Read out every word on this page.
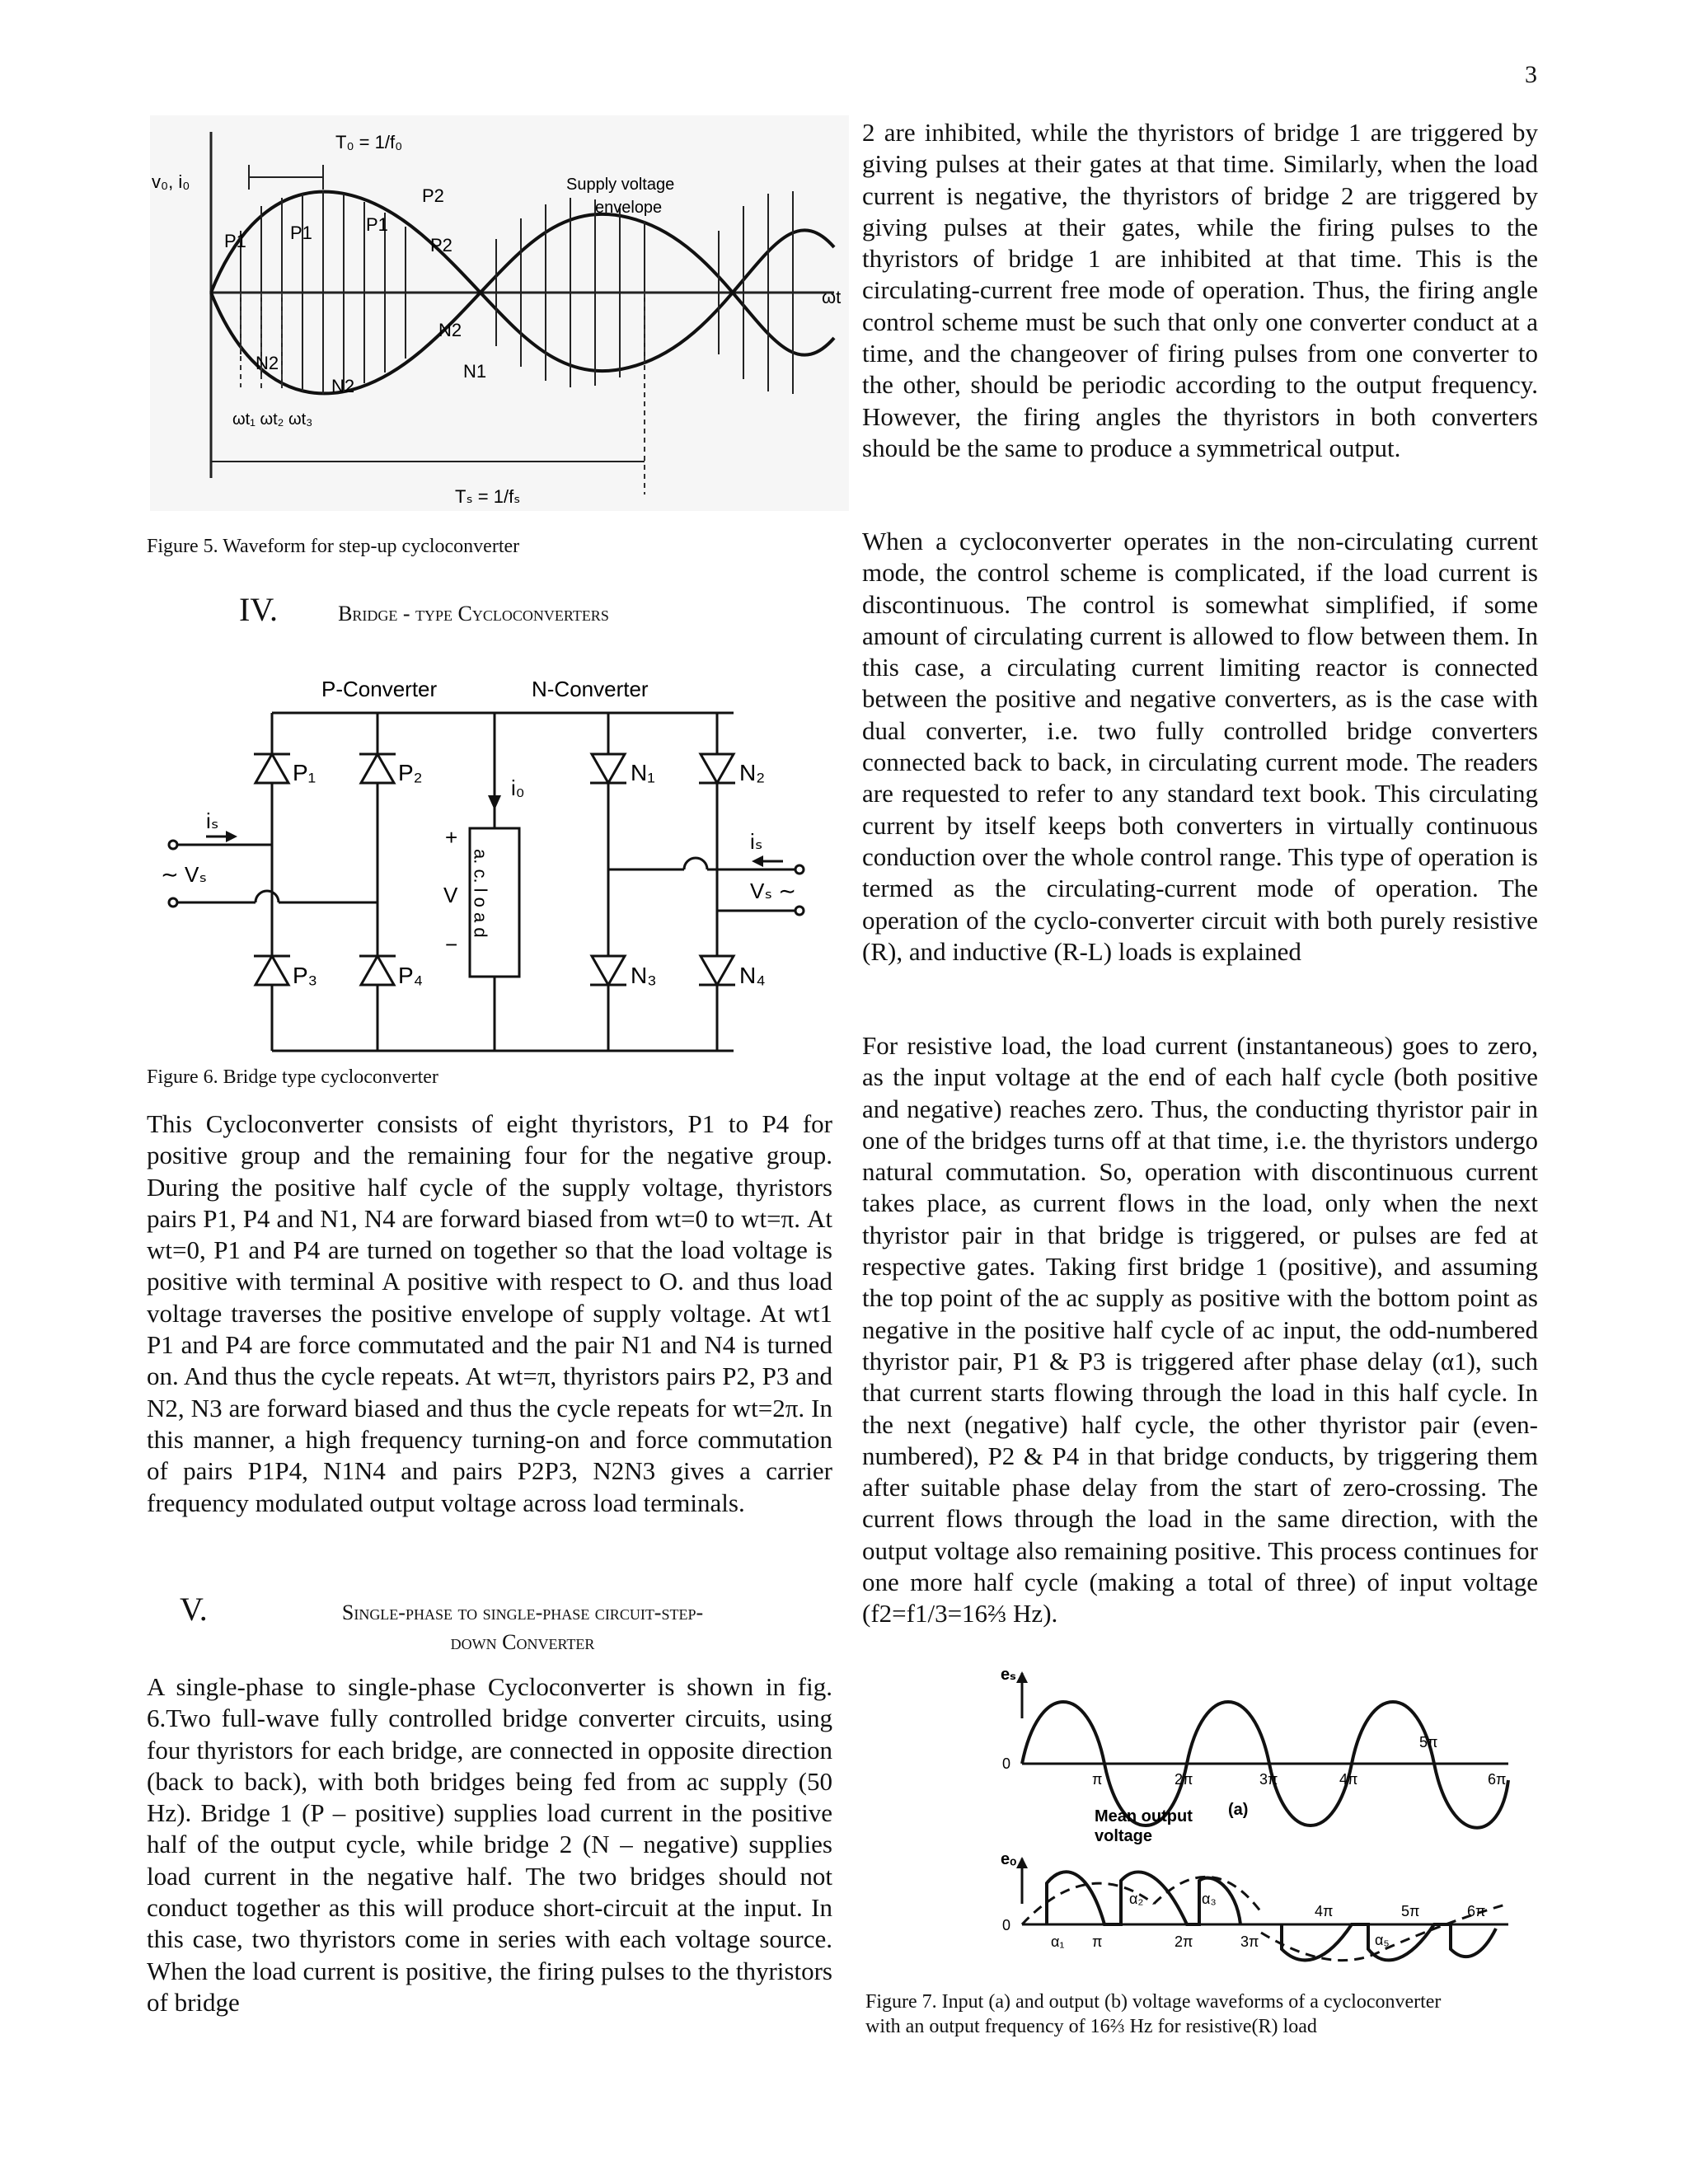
3
v₀, i₀
T₀ = 1/f₀
Supply voltage
envelope
ωt
Tₛ = 1/fₛ
ωt₁ ωt₂ ωt₃
P1 P1	P1
P2
P2
N2
N2
N2
N1
Figure 5. Waveform for step-up cycloconverter
IV.	Bridge - type Cycloconverters
P-Converter	N-Converter
P₁	P₂
P₃	P₄
N₁	N₂
N₃	N₄
i₀
iₛ
∼ Vₛ
iₛ
Vₛ ∼
+
V
−
a. c. l o a d
Figure 6. Bridge type cycloconverter

This Cycloconverter consists of eight thyristors, P1 to P4 for positive group and the remaining four for the negative group. During the positive half cycle of the supply voltage, thyristors pairs P1, P4 and N1, N4 are forward biased from wt=0 to wt=π. At wt=0, P1 and P4 are turned on together so that the load voltage is positive with terminal A positive with respect to O. and thus load voltage traverses the positive envelope of supply voltage. At wt1 P1 and P4 are force commutated and the pair N1 and N4 is turned on. And thus the cycle repeats. At wt=π, thyristors pairs P2, P3 and N2, N3 are forward biased and thus the cycle repeats for wt=2π. In this manner, a high frequency turning-on and force commutation of pairs P1P4, N1N4 and pairs P2P3, N2N3 gives a carrier frequency modulated output voltage across load terminals.

V.	Single-phase to single-phase circuit-step-
down Converter

A single-phase to single-phase Cycloconverter is shown in fig. 6.Two full-wave fully controlled bridge converter circuits, using four thyristors for each bridge, are connected in opposite direction (back to back), with both bridges being fed from ac supply (50 Hz). Bridge 1 (P – positive) supplies load current in the positive half of the output cycle, while bridge 2 (N – negative) supplies load current in the negative half. The two bridges should not conduct together as this will produce short-circuit at the input. In this case, two thyristors come in series with each voltage source. When the load current is positive, the firing pulses to the thyristors of bridge

2 are inhibited, while the thyristors of bridge 1 are triggered by giving pulses at their gates at that time. Similarly, when the load current is negative, the thyristors of bridge 2 are triggered by giving pulses at their gates, while the firing pulses to the thyristors of bridge 1 are inhibited at that time. This is the circulating-current free mode of operation. Thus, the firing angle control scheme must be such that only one converter conduct at a time, and the changeover of firing pulses from one converter to the other, should be periodic according to the output frequency. However, the firing angles the thyristors in both converters should be the same to produce a symmetrical output.

When a cycloconverter operates in the non-circulating current mode, the control scheme is complicated, if the load current is discontinuous. The control is somewhat simplified, if some amount of circulating current is allowed to flow between them. In this case, a circulating current limiting reactor is connected between the positive and negative converters, as is the case with dual converter, i.e. two fully controlled bridge converters connected back to back, in circulating current mode. The readers are requested to refer to any standard text book. This circulating current by itself keeps both converters in virtually continuous conduction over the whole control range. This type of operation is termed as the circulating-current mode of operation. The operation of the cyclo-converter circuit with both purely resistive (R), and inductive (R-L) loads is explained

For resistive load, the load current (instantaneous) goes to zero, as the input voltage at the end of each half cycle (both positive and negative) reaches zero. Thus, the conducting thyristor pair in one of the bridges turns off at that time, i.e. the thyristors undergo natural commutation. So, operation with discontinuous current takes place, as current flows in the load, only when the next thyristor pair in that bridge is triggered, or pulses are fed at respective gates. Taking first bridge 1 (positive), and assuming the top point of the ac supply as positive with the bottom point as negative in the positive half cycle of ac input, the odd-numbered thyristor pair, P1 & P3 is triggered after phase delay (α1), such that current starts flowing through the load in this half cycle. In the next (negative) half cycle, the other thyristor pair (even-numbered), P2 & P4 in that bridge conducts, by triggering them after suitable phase delay from the start of zero-crossing. The current flows through the load in the same direction, with the output voltage also remaining positive. This process continues for one more half cycle (making a total of three) of input voltage (f2=f1/3=16⅔ Hz).

eₛ
0
π	2π	3π	4π
5π
6π
Mean output
voltage
(a)
eₒ
0
α₁ π
α₂
2π
α₃
3π
4π
α₅
5π	6π
Figure 7. Input (a) and output (b) voltage waveforms of a cycloconverter
with an output frequency of 16⅔ Hz for resistive(R) load
